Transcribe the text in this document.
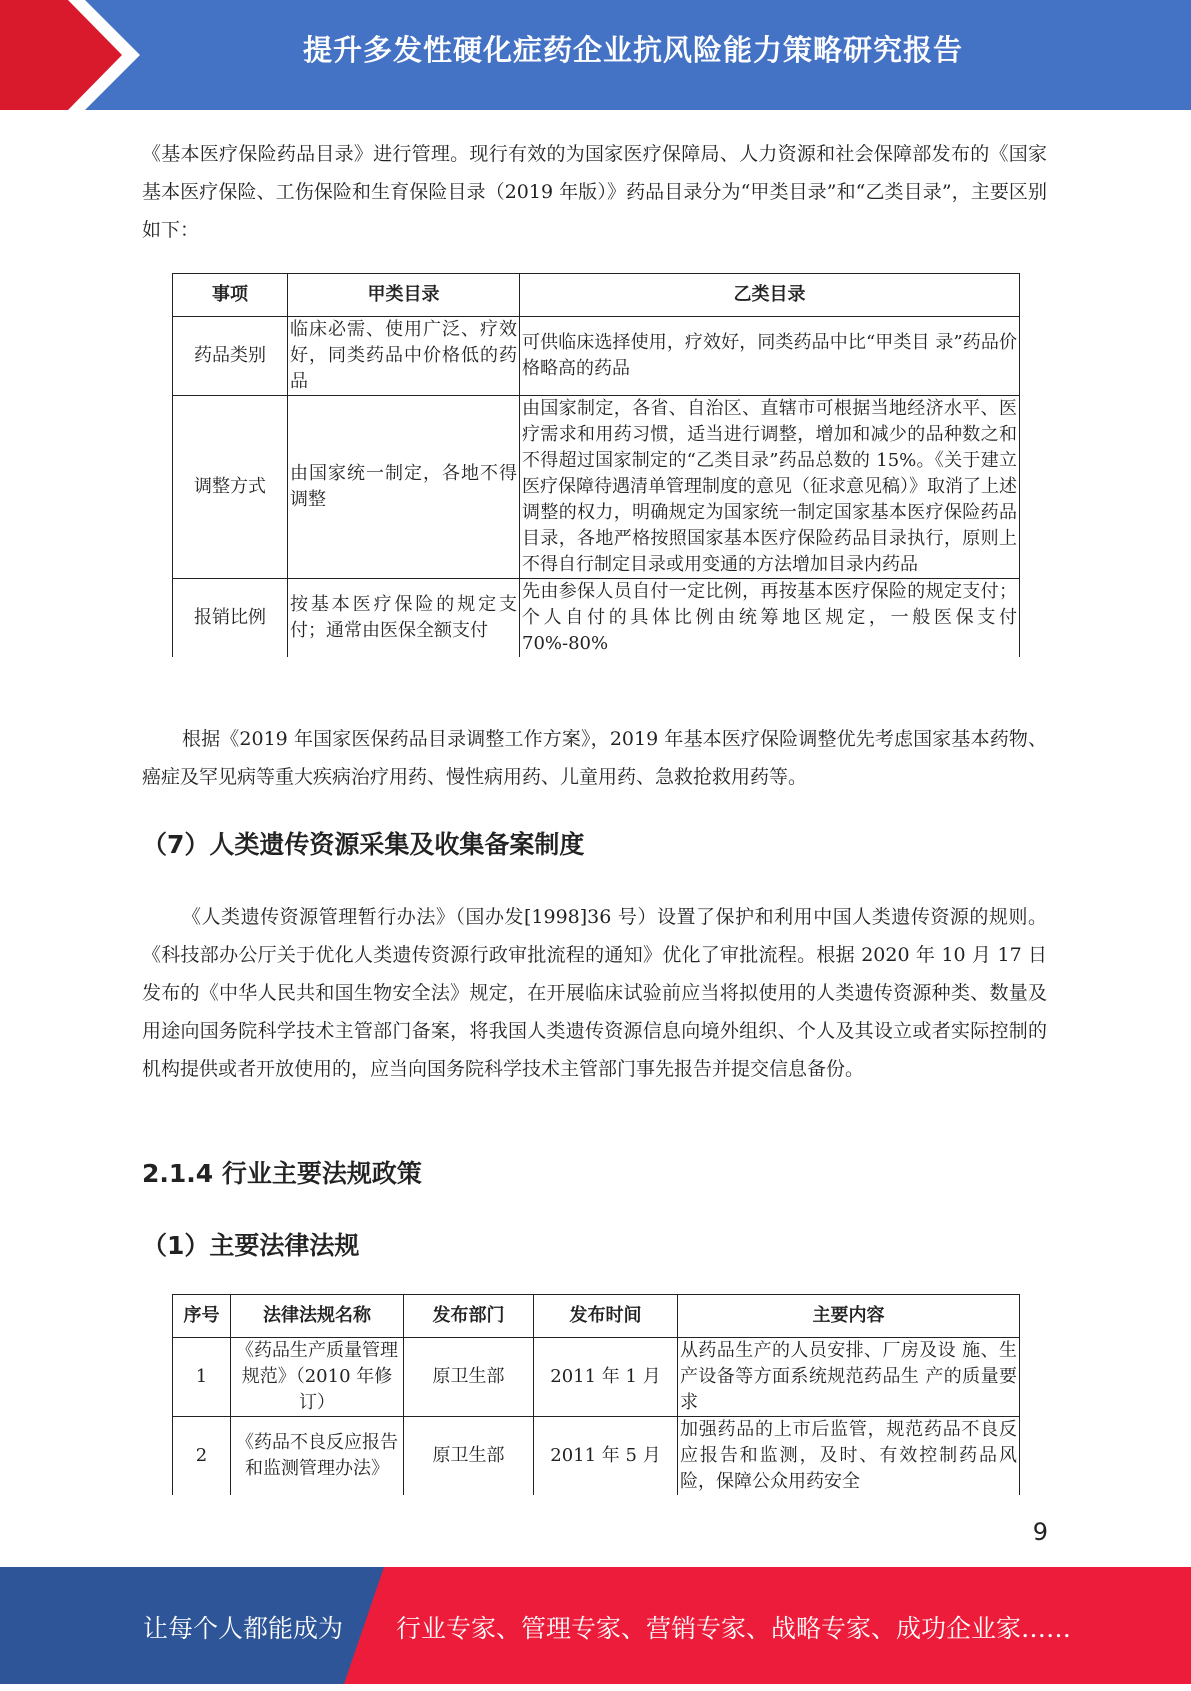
提升多发性硬化症药企业抗风险能力策略研究报告

《基本医疗保险药品目录》进行管理。现行有效的为国家医疗保障局、人力资源和社会保障部发布的《国家基本医疗保险、工伤保险和生育保险目录（2019 年版）》药品目录分为“甲类目录”和“乙类目录”，主要区别如下：

事项	甲类目录	乙类目录
药品类别	临床必需、使用广泛、疗效好，同类药品中价格低的药品	可供临床选择使用，疗效好，同类药品中比“甲类目 录”药品价格略高的药品
调整方式	由国家统一制定，各地不得调整	由国家制定，各省、自治区、直辖市可根据当地经济水平、医疗需求和用药习惯，适当进行调整，增加和减少的品种数之和不得超过国家制定的“乙类目录”药品总数的 15%。《关于建立医疗保障待遇清单管理制度的意见（征求意见稿）》取消了上述调整的权力，明确规定为国家统一制定国家基本医疗保险药品目录，各地严格按照国家基本医疗保险药品目录执行，原则上不得自行制定目录或用变通的方法增加目录内药品
报销比例	按基本医疗保险的规定支付；通常由医保全额支付	先由参保人员自付一定比例，再按基本医疗保险的规定支付；个人自付的具体比例由统筹地区规定，一般医保支付 70%-80%

根据《2019 年国家医保药品目录调整工作方案》，2019 年基本医疗保险调整优先考虑国家基本药物、癌症及罕见病等重大疾病治疗用药、慢性病用药、儿童用药、急救抢救用药等。

（7）人类遗传资源采集及收集备案制度

《人类遗传资源管理暂行办法》（国办发[1998]36 号）设置了保护和利用中国人类遗传资源的规则。《科技部办公厅关于优化人类遗传资源行政审批流程的通知》优化了审批流程。根据 2020 年 10 月 17 日发布的《中华人民共和国生物安全法》规定，在开展临床试验前应当将拟使用的人类遗传资源种类、数量及用途向国务院科学技术主管部门备案，将我国人类遗传资源信息向境外组织、个人及其设立或者实际控制的机构提供或者开放使用的，应当向国务院科学技术主管部门事先报告并提交信息备份。

2.1.4 行业主要法规政策
（1）主要法律法规
序号	法律法规名称	发布部门	发布时间	主要内容
1	《药品生产质量管理规范》（2010 年修订）	原卫生部	2011 年 1 月	从药品生产的人员安排、厂房及设 施、生产设备等方面系统规范药品生 产的质量要求
2	《药品不良反应报告和监测管理办法》	原卫生部	2011 年 5 月	加强药品的上市后监管，规范药品不良反应报告和监测，及时、有效控制药品风险，保障公众用药安全
9
让每个人都能成为 行业专家、管理专家、营销专家、战略专家、成功企业家……
